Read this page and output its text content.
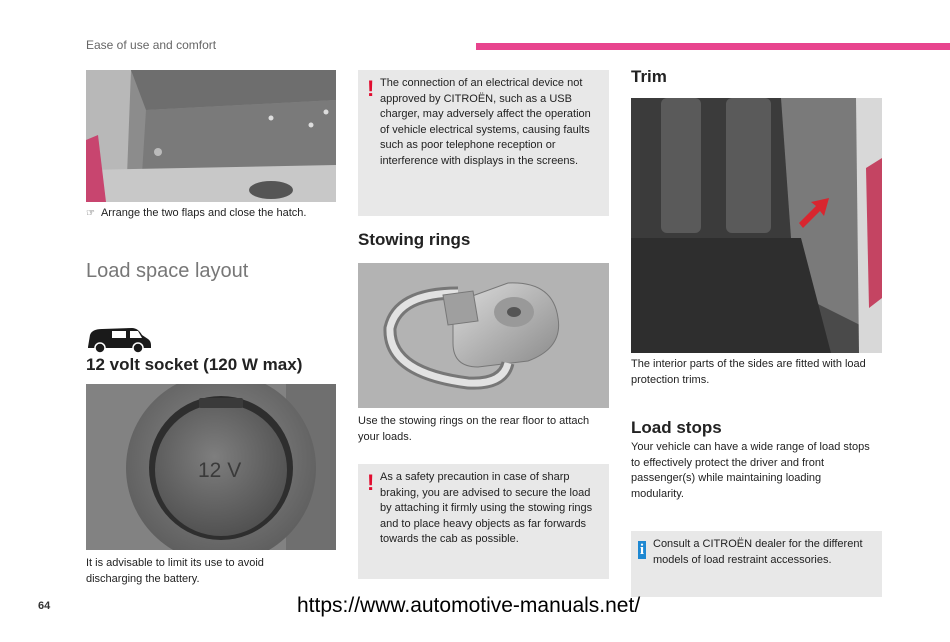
Ease of use and comfort
☞ Arrange the two flaps and close the hatch.
Load space layout
12 volt socket (120 W max)
12 V
It is advisable to limit its use to avoid discharging the battery.
! The connection of an electrical device not approved by CITROËN, such as a USB charger, may adversely affect the operation of vehicle electrical systems, causing faults such as poor telephone reception or interference with displays in the screens.
Stowing rings
Use the stowing rings on the rear floor to attach your loads.
! As a safety precaution in case of sharp braking, you are advised to secure the load by attaching it firmly using the stowing rings and to place heavy objects as far forwards towards the cab as possible.
Trim
The interior parts of the sides are fitted with load protection trims.
Load stops
Your vehicle can have a wide range of load stops to effectively protect the driver and front passenger(s) while maintaining loading modularity.
i Consult a CITROËN dealer for the different models of load restraint accessories.
64	https://www.automotive-manuals.net/
